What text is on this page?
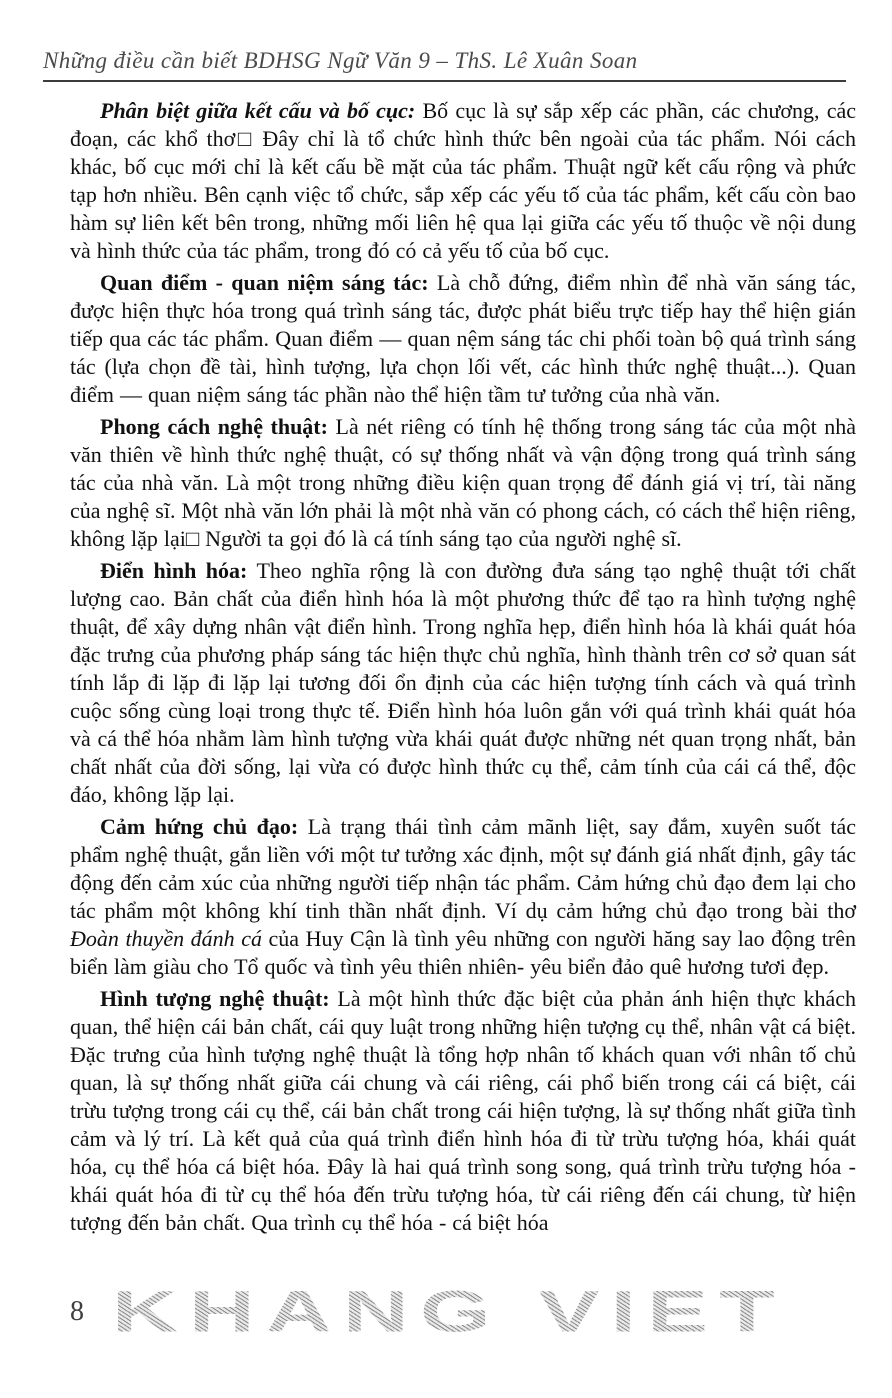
Những điều cần biết BDHSG Ngữ Văn 9 – ThS. Lê Xuân Soan

Phân biệt giữa kết cấu và bố cục: Bố cục là sự sắp xếp các phần, các chương, các đoạn, các khổ thơ□ Đây chỉ là tổ chức hình thức bên ngoài của tác phẩm. Nói cách khác, bố cục mới chỉ là kết cấu bề mặt của tác phẩm. Thuật ngữ kết cấu rộng và phức tạp hơn nhiều. Bên cạnh việc tổ chức, sắp xếp các yếu tố của tác phẩm, kết cấu còn bao hàm sự liên kết bên trong, những mối liên hệ qua lại giữa các yếu tố thuộc về nội dung và hình thức của tác phẩm, trong đó có cả yếu tố của bố cục.

Quan điểm - quan niệm sáng tác: Là chỗ đứng, điểm nhìn để nhà văn sáng tác, được hiện thực hóa trong quá trình sáng tác, được phát biểu trực tiếp hay thể hiện gián tiếp qua các tác phẩm. Quan điểm — quan nệm sáng tác chi phối toàn bộ quá trình sáng tác (lựa chọn đề tài, hình tượng, lựa chọn lối vết, các hình thức nghệ thuật...). Quan điểm — quan niệm sáng tác phần nào thể hiện tầm tư tưởng của nhà văn.

Phong cách nghệ thuật: Là nét riêng có tính hệ thống trong sáng tác của một nhà văn thiên về hình thức nghệ thuật, có sự thống nhất và vận động trong quá trình sáng tác của nhà văn. Là một trong những điều kiện quan trọng để đánh giá vị trí, tài năng của nghệ sĩ. Một nhà văn lớn phải là một nhà văn có phong cách, có cách thể hiện riêng, không lặp lại□ Người ta gọi đó là cá tính sáng tạo của người nghệ sĩ.

Điển hình hóa: Theo nghĩa rộng là con đường đưa sáng tạo nghệ thuật tới chất lượng cao. Bản chất của điển hình hóa là một phương thức để tạo ra hình tượng nghệ thuật, để xây dựng nhân vật điển hình. Trong nghĩa hẹp, điển hình hóa là khái quát hóa đặc trưng của phương pháp sáng tác hiện thực chủ nghĩa, hình thành trên cơ sở quan sát tính lắp đi lặp đi lặp lại tương đối ổn định của các hiện tượng tính cách và quá trình cuộc sống cùng loại trong thực tế. Điển hình hóa luôn gắn với quá trình khái quát hóa và cá thể hóa nhằm làm hình tượng vừa khái quát được những nét quan trọng nhất, bản chất nhất của đời sống, lại vừa có được hình thức cụ thể, cảm tính của cái cá thể, độc đáo, không lặp lại.

Cảm hứng chủ đạo: Là trạng thái tình cảm mãnh liệt, say đắm, xuyên suốt tác phẩm nghệ thuật, gắn liền với một tư tưởng xác định, một sự đánh giá nhất định, gây tác động đến cảm xúc của những người tiếp nhận tác phẩm. Cảm hứng chủ đạo đem lại cho tác phẩm một không khí tinh thần nhất định. Ví dụ cảm hứng chủ đạo trong bài thơ Đoàn thuyền đánh cá của Huy Cận là tình yêu những con người hăng say lao động trên biển làm giàu cho Tổ quốc và tình yêu thiên nhiên- yêu biển đảo quê hương tươi đẹp.

Hình tượng nghệ thuật: Là một hình thức đặc biệt của phản ánh hiện thực khách quan, thể hiện cái bản chất, cái quy luật trong những hiện tượng cụ thể, nhân vật cá biệt. Đặc trưng của hình tượng nghệ thuật là tổng hợp nhân tố khách quan với nhân tố chủ quan, là sự thống nhất giữa cái chung và cái riêng, cái phổ biến trong cái cá biệt, cái trừu tượng trong cái cụ thể, cái bản chất trong cái hiện tượng, là sự thống nhất giữa tình cảm và lý trí. Là kết quả của quá trình điển hình hóa đi từ trừu tượng hóa, khái quát hóa, cụ thể hóa cá biệt hóa. Đây là hai quá trình song song, quá trình trừu tượng hóa - khái quát hóa đi từ cụ thể hóa đến trừu tượng hóa, từ cái riêng đến cái chung, từ hiện tượng đến bản chất. Qua trình cụ thể hóa - cá biệt hóa

KHANG VIET
8
